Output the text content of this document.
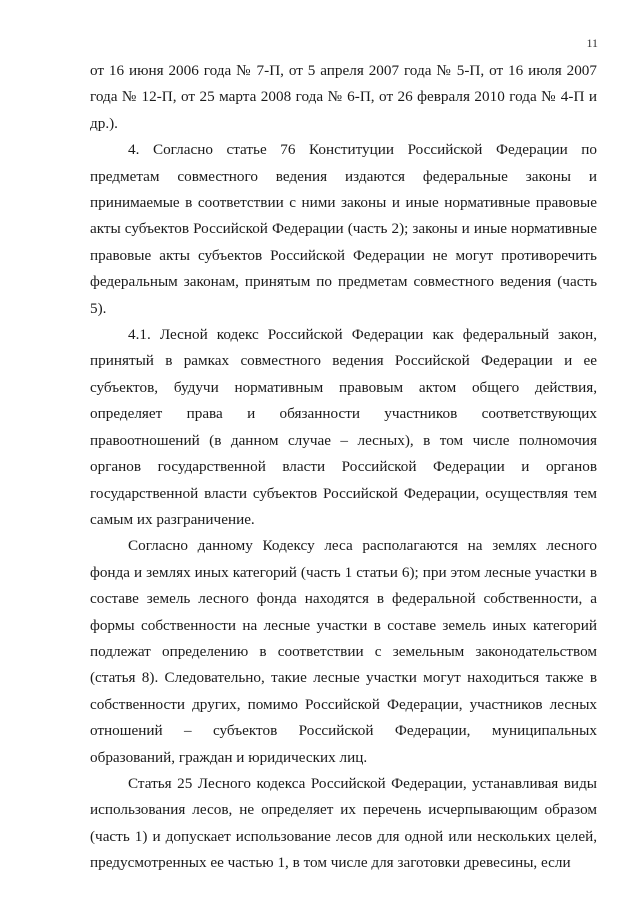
11

от 16 июня 2006 года № 7-П, от 5 апреля 2007 года № 5-П, от 16 июля 2007 года № 12-П, от 25 марта 2008 года № 6-П, от 26 февраля 2010 года № 4-П и др.).

4. Согласно статье 76 Конституции Российской Федерации по предметам совместного ведения издаются федеральные законы и принимаемые в соответствии с ними законы и иные нормативные правовые акты субъектов Российской Федерации (часть 2); законы и иные нормативные правовые акты субъектов Российской Федерации не могут противоречить федеральным законам, принятым по предметам совместного ведения (часть 5).

4.1. Лесной кодекс Российской Федерации как федеральный закон, принятый в рамках совместного ведения Российской Федерации и ее субъектов, будучи нормативным правовым актом общего действия, определяет права и обязанности участников соответствующих правоотношений (в данном случае – лесных), в том числе полномочия органов государственной власти Российской Федерации и органов государственной власти субъектов Российской Федерации, осуществляя тем самым их разграничение.

Согласно данному Кодексу леса располагаются на землях лесного фонда и землях иных категорий (часть 1 статьи 6); при этом лесные участки в составе земель лесного фонда находятся в федеральной собственности, а формы собственности на лесные участки в составе земель иных категорий подлежат определению в соответствии с земельным законодательством (статья 8). Следовательно, такие лесные участки могут находиться также в собственности других, помимо Российской Федерации, участников лесных отношений – субъектов Российской Федерации, муниципальных образований, граждан и юридических лиц.

Статья 25 Лесного кодекса Российской Федерации, устанавливая виды использования лесов, не определяет их перечень исчерпывающим образом (часть 1) и допускает использование лесов для одной или нескольких целей, предусмотренных ее частью 1, в том числе для заготовки древесины, если
